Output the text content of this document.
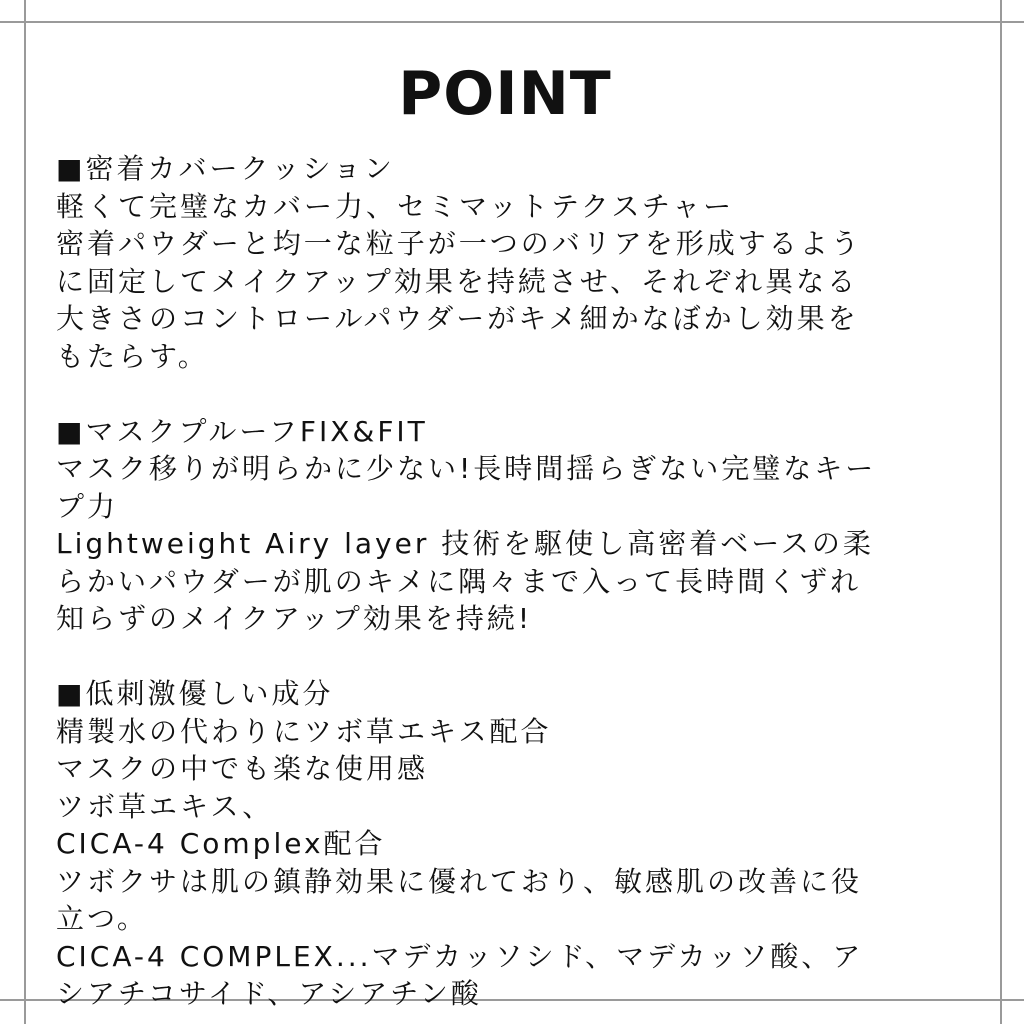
POINT
■密着カバークッション
軽くて完璧なカバー力、セミマットテクスチャー
密着パウダーと均一な粒子が一つのバリアを形成するよう
に固定してメイクアップ効果を持続させ、それぞれ異なる
大きさのコントロールパウダーがキメ細かなぼかし効果を
もたらす。
■マスクプルーフFIX&FIT
マスク移りが明らかに少ない!長時間揺らぎない完璧なキー
プ力
Lightweight Airy layer 技術を駆使し高密着ベースの柔
らかいパウダーが肌のキメに隅々まで入って長時間くずれ
知らずのメイクアップ効果を持続!
■低刺激優しい成分
精製水の代わりにツボ草エキス配合
マスクの中でも楽な使用感
ツボ草エキス、
CICA-4 Complex配合
ツボクサは肌の鎮静効果に優れており、敏感肌の改善に役
立つ。
CICA-4 COMPLEX...マデカッソシド、マデカッソ酸、ア
シアチコサイド、アシアチン酸
